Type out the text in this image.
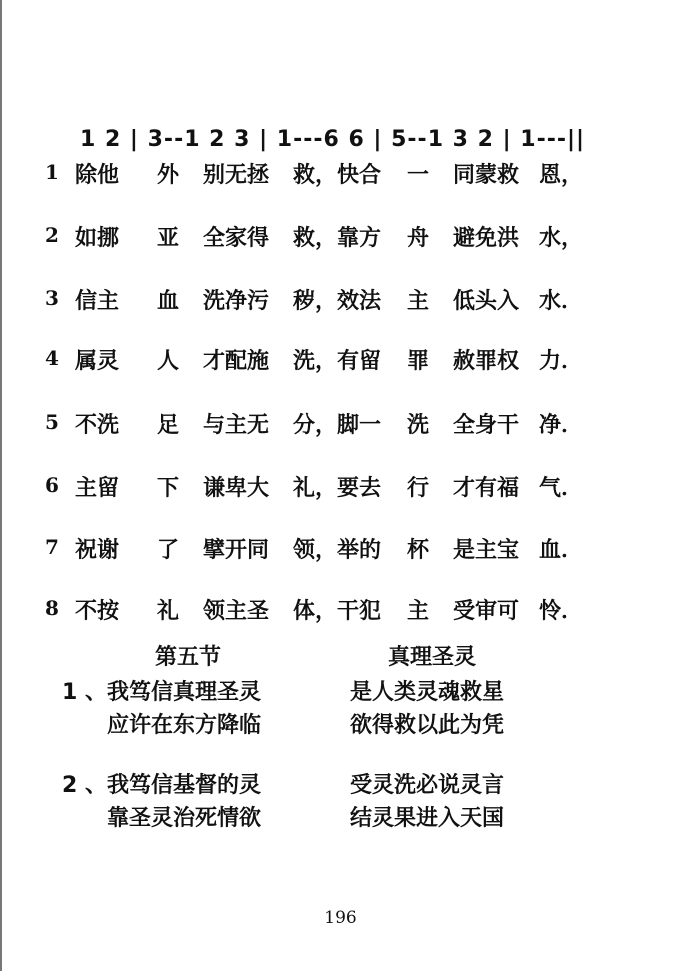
1 2 | 3--1 2 3 | 1---6 6 | 5--1 3 2 | 1---||
1 除他 外 别无拯 救，快合 一 同蒙救 恩，
2 如挪 亚 全家得 救，靠方 舟 避免洪 水，
3 信主 血 洗净污 秽，效法 主 低头入 水．
4 属灵 人 才配施 洗，有留 罪 赦罪权 力．
5 不洗 足 与主无 分，脚一 洗 全身干 净．
6 主留 下 谦卑大 礼，要去 行 才有福 气．
7 祝谢 了 擘开同 领，举的 杯 是主宝 血．
8 不按 礼 领主圣 体，干犯 主 受审可 怜．
第五节	真理圣灵
1 、 我笃信真理圣灵	是人类灵魂救星
应许在东方降临	欲得救以此为凭
2 、 我笃信基督的灵	受灵洗必说灵言
靠圣灵治死情欲	结灵果进入天国
196
